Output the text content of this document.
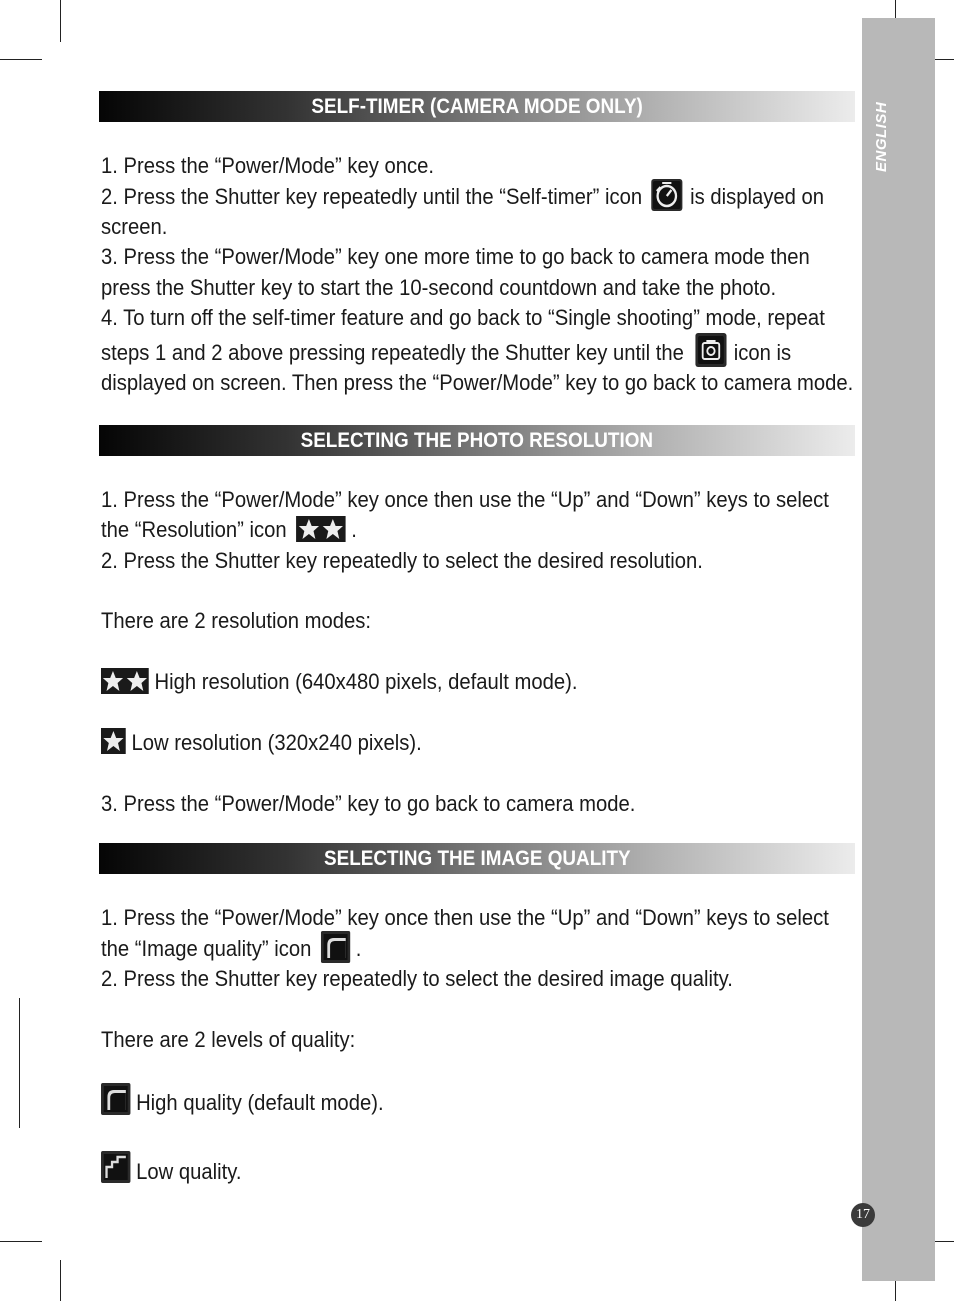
ENGLISH
SELF-TIMER (CAMERA MODE ONLY)
1. Press the “Power/Mode” key once.
2. Press the Shutter key repeatedly until the “Self-timer” icon
is displayed on
screen.
3. Press the “Power/Mode” key one more time to go back to camera mode then
press the Shutter key to start the 10-second countdown and take the photo.
4. To turn off the self-timer feature and go back to “Single shooting” mode, repeat
steps 1 and 2 above pressing repeatedly the Shutter key until the
icon is
displayed on screen. Then press the “Power/Mode” key to go back to camera mode.
SELECTING THE PHOTO RESOLUTION
1. Press the “Power/Mode” key once then use the “Up” and “Down” keys to select
the “Resolution” icon	.
2. Press the Shutter key repeatedly to select the desired resolution.
There are 2 resolution modes:
High resolution (640x480 pixels, default mode).
Low resolution (320x240 pixels).
3. Press the “Power/Mode” key to go back to camera mode.
SELECTING THE IMAGE QUALITY
1. Press the “Power/Mode” key once then use the “Up” and “Down” keys to select
the “Image quality” icon
.
2. Press the Shutter key repeatedly to select the desired image quality.
There are 2 levels of quality:
High quality (default mode).
Low quality.
17
